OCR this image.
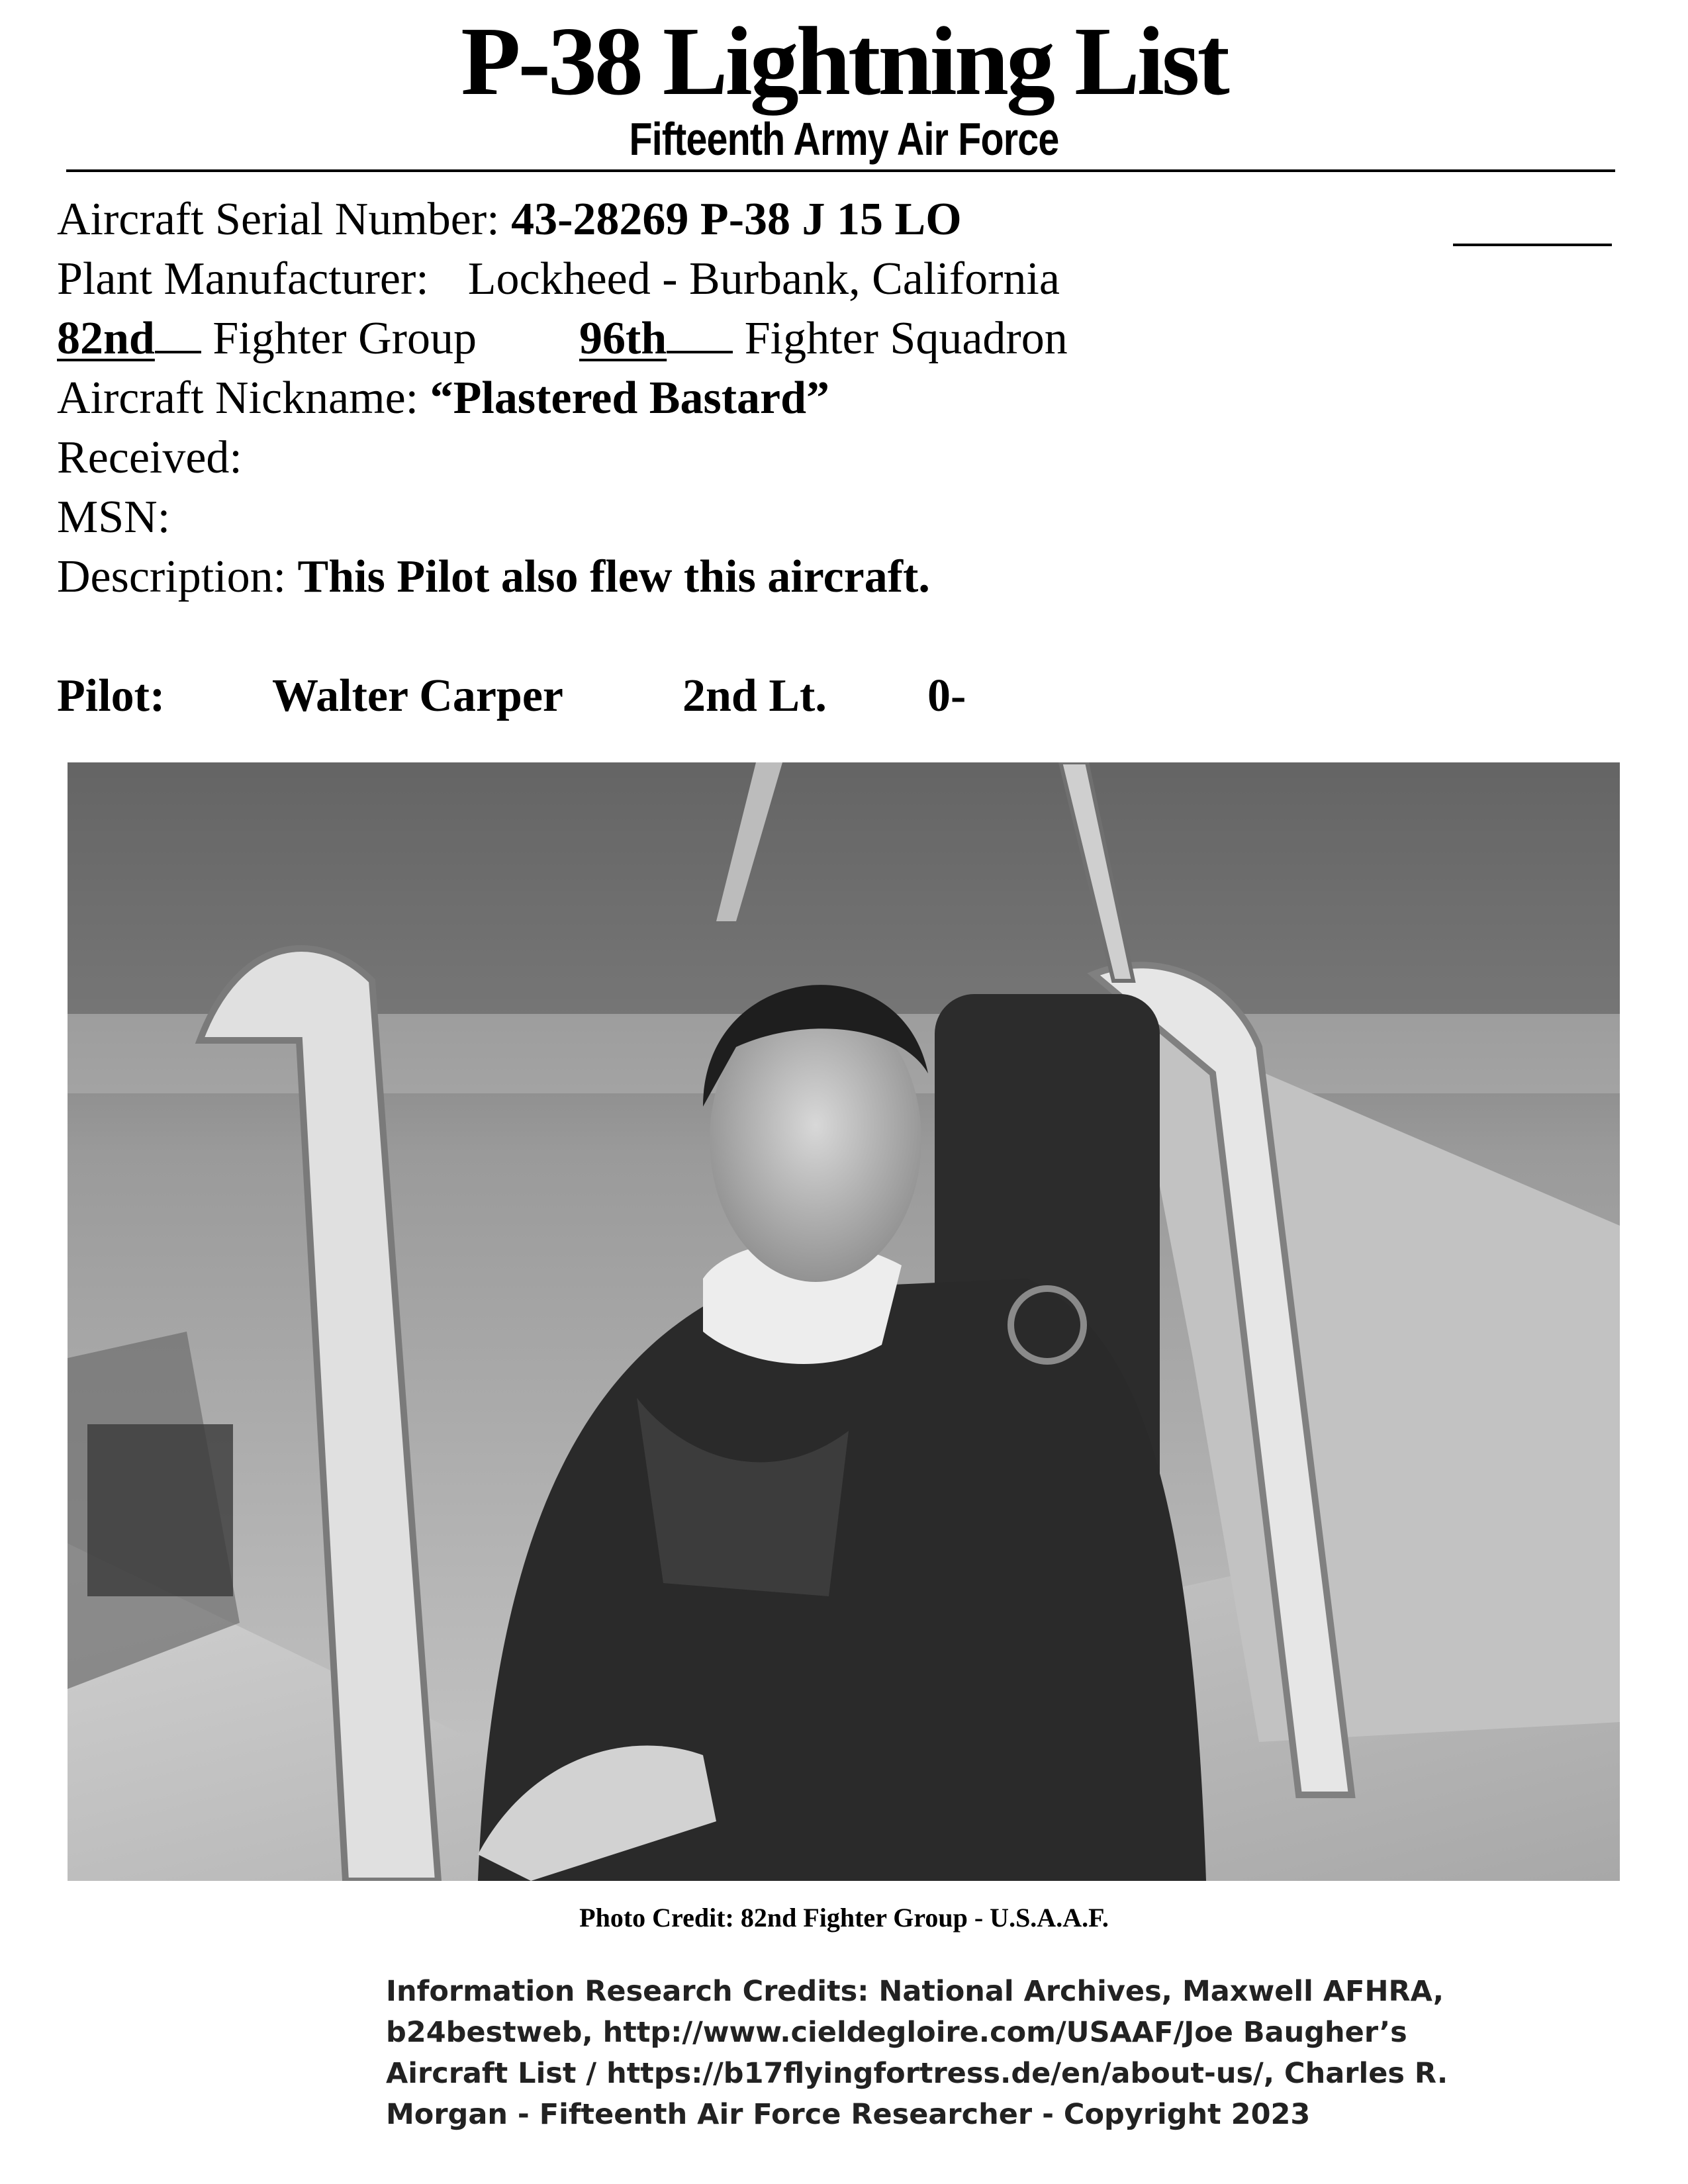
P-38 Lightning List
Fifteenth Army Air Force
Aircraft Serial Number: 43-28269 P-38 J 15 LO
Plant Manufacturer: Lockheed - Burbank, California
82nd Fighter Group 96th Fighter Squadron
Aircraft Nickname: “Plastered Bastard”
Received:
MSN:
Description: This Pilot also flew this aircraft.
Pilot: Walter Carper	2nd Lt. 0-
Photo Credit: 82nd Fighter Group - U.S.A.A.F.
Information Research Credits: National Archives, Maxwell AFHRA,
b24bestweb, http://www.cieldegloire.com/USAAF/Joe Baugher’s
Aircraft List / https://b17flyingfortress.de/en/about-us/, Charles R.
Morgan - Fifteenth Air Force Researcher - Copyright 2023
